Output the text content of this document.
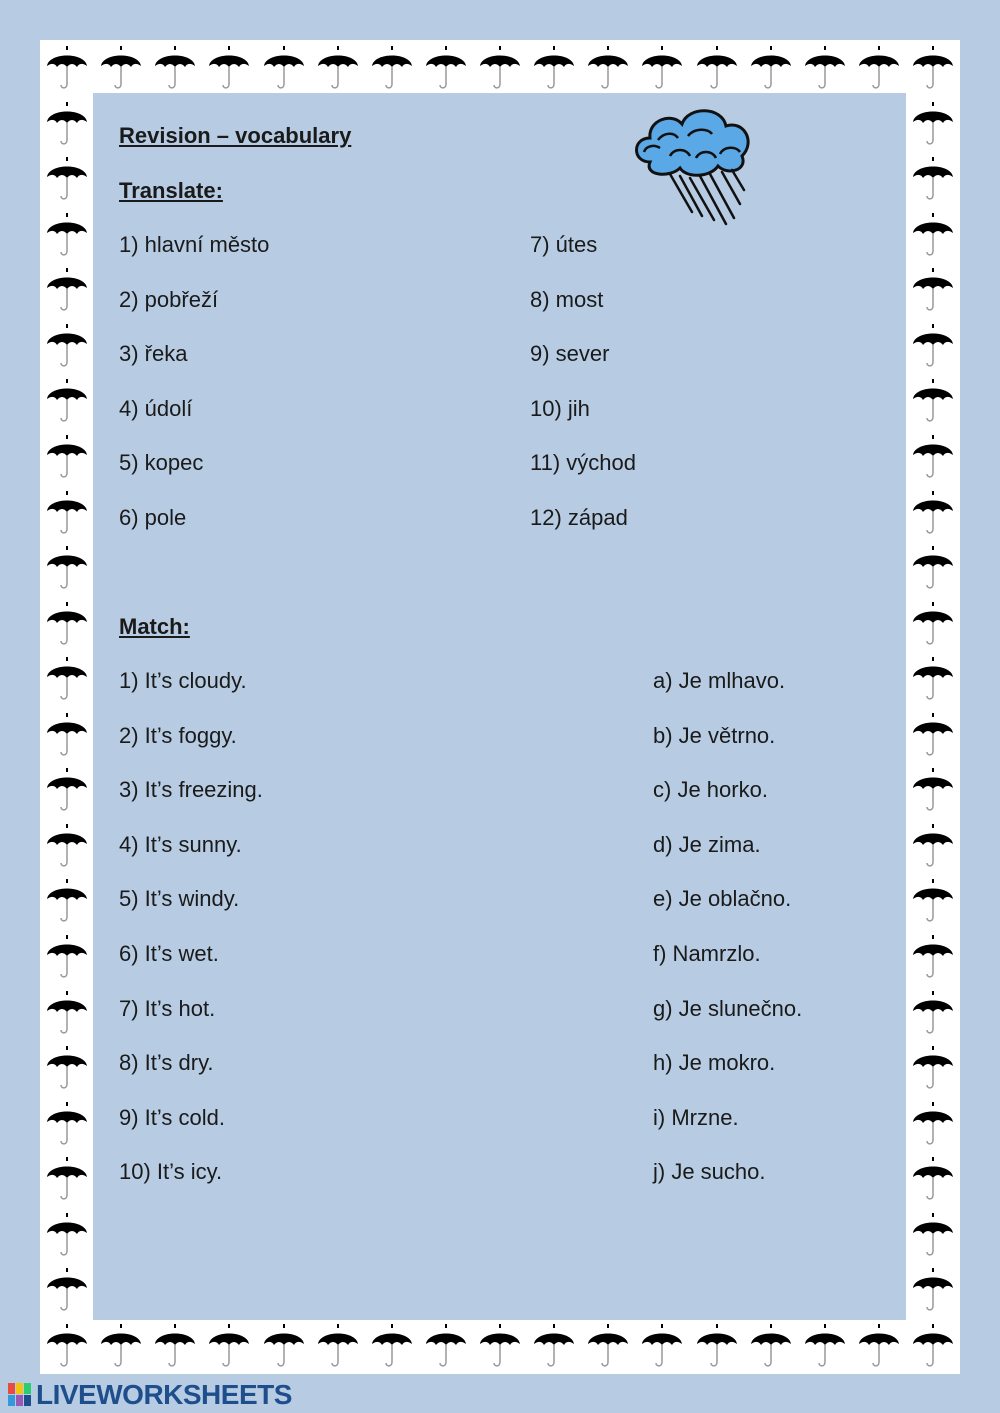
Revision – vocabulary
Translate:
1) hlavní město
2) pobřeží
3) řeka
4) údolí
5) kopec
6) pole
7) útes
8) most
9) sever
10) jih
11) východ
12) západ
Match:
1) It’s cloudy.
2) It’s foggy.
3) It’s freezing.
4) It’s sunny.
5) It’s windy.
6) It’s wet.
7) It’s hot.
8) It’s dry.
9) It’s cold.
10) It’s icy.
a) Je mlhavo.
b) Je větrno.
c) Je horko.
d) Je zima.
e) Je oblačno.
f) Namrzlo.
g) Je slunečno.
h) Je mokro.
i) Mrzne.
j) Je sucho.
LIVEWORKSHEETS
